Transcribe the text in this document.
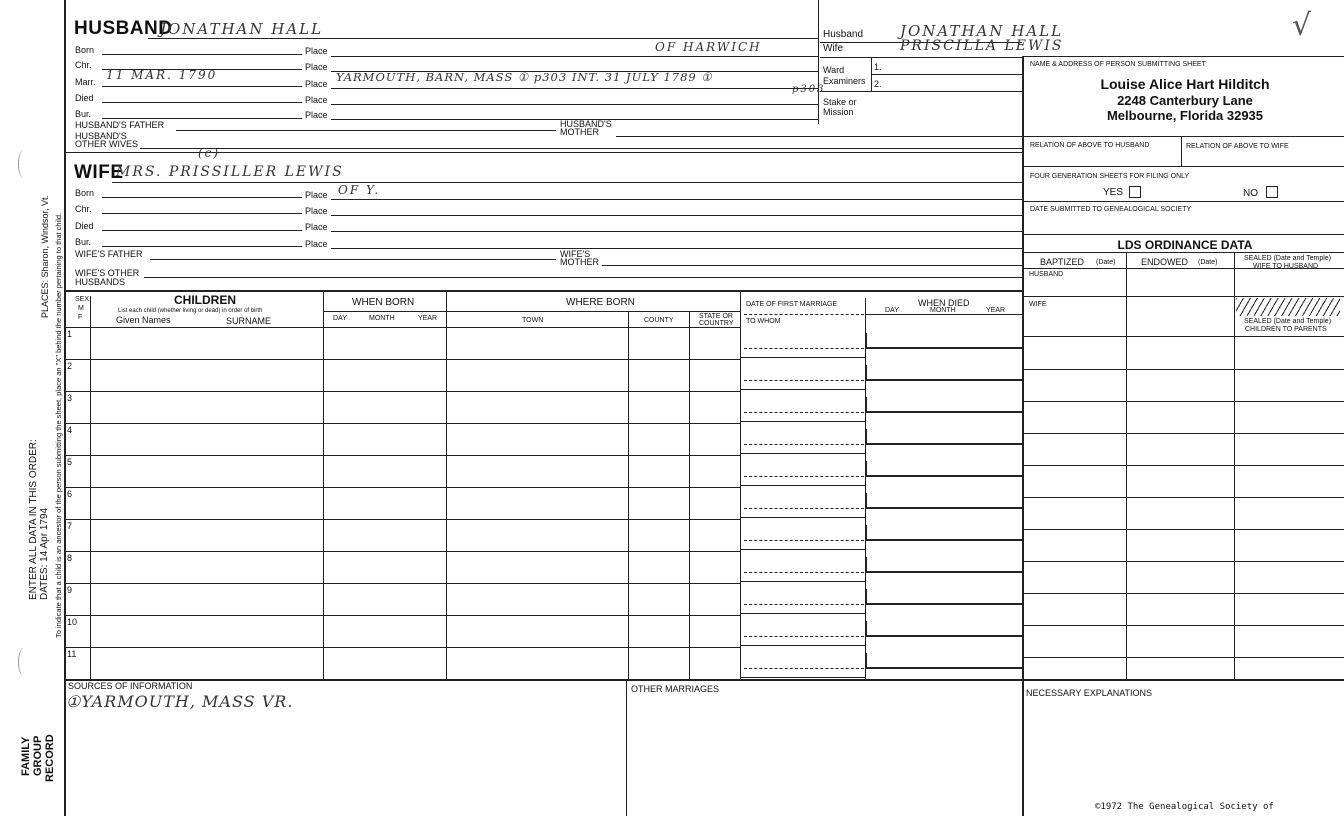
PLACES: Sharon, Windsor, Vt.
ENTER ALL DATA IN THIS ORDER: DATES: 14 Apr 1794 To indicate that a child is an ancestor of the person submitting the sheet, place an "X" behind the number pertaining to that child.
FAMILY GROUP RECORD
HUSBAND
JONATHAN HALL
Born	Place	OF HARWICH
Chr.	Place
Marr. 11 MAR. 1790
Place YARMOUTH, BARN, MASS ① p303 INT. 31 JULY 1789 ①
p303
Died	Place
Bur.	Place
HUSBAND'S FATHER	HUSBAND'S MOTHER
HUSBAND'S
OTHER WIVES
Husband JONATHAN HALL
Wife	PRISCILLA LEWIS
Ward
Examiners
1.
2.
Stake or
Mission
√
NAME & ADDRESS OF PERSON SUBMITTING SHEET
Louise Alice Hart Hilditch
2248 Canterbury Lane
Melbourne, Florida 32935
RELATION OF ABOVE TO HUSBAND	RELATION OF ABOVE TO WIFE
FOUR GENERATION SHEETS FOR FILING ONLY
YES	NO
DATE SUBMITTED TO GENEALOGICAL SOCIETY
LDS ORDINANCE DATA
BAPTIZED (Date)	ENDOWED (Date)
SEALED (Date and Temple)
WIFE TO HUSBAND
HUSBAND
WIFE
SEALED (Date and Temple)
CHILDREN TO PARENTS
WIFE
(c)
MRS. PRISSILLER LEWIS
Born	Place OF Y.
Chr.	Place
Died	Place
Bur.	Place
WIFE'S FATHER	WIFE'S
MOTHER
WIFE'S OTHER
HUSBANDS
SEX
M
F
CHILDREN
List each child (whether living or dead) in order of birth
Given Names	SURNAME
WHEN BORN
DAY	MONTH	YEAR
WHERE BORN
TOWN	COUNTY
STATE OR
COUNTRY
DATE OF FIRST MARRIAGE
TO WHOM
WHEN DIED
DAY	MONTH	YEAR
1
2
3
4
5
6
7
8
9
10
11
SOURCES OF INFORMATION
①YARMOUTH, MASS VR.
OTHER MARRIAGES	NECESSARY EXPLANATIONS
©1972 The Genealogical Society of
